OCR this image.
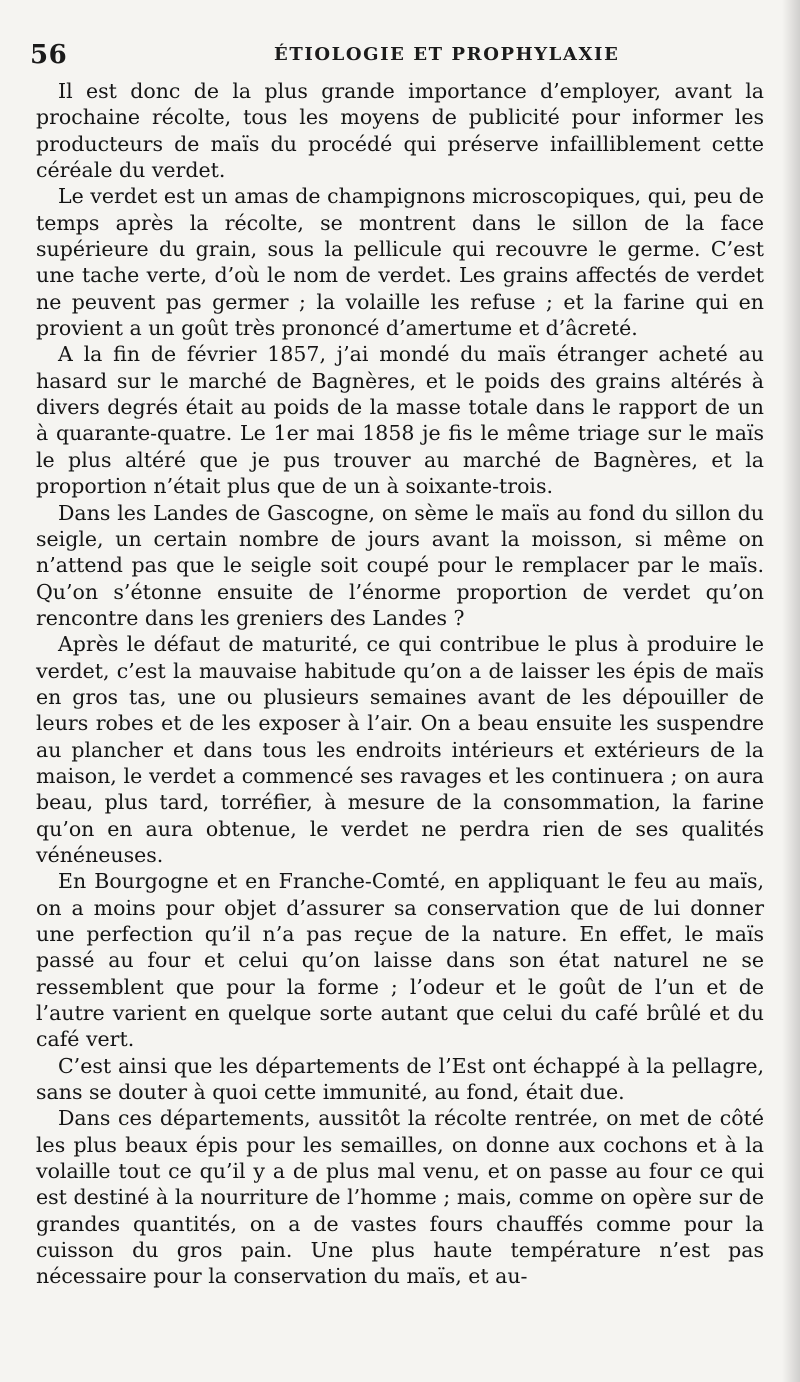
56	ÉTIOLOGIE ET PROPHYLAXIE

Il est donc de la plus grande importance d’employer, avant la prochaine récolte, tous les moyens de publicité pour informer les producteurs de maïs du procédé qui préserve infailliblement cette céréale du verdet.

Le verdet est un amas de champignons microscopiques, qui, peu de temps après la récolte, se montrent dans le sillon de la face supérieure du grain, sous la pellicule qui recouvre le germe. C’est une tache verte, d’où le nom de verdet. Les grains affectés de verdet ne peuvent pas germer ; la volaille les refuse ; et la farine qui en provient a un goût très prononcé d’amertume et d’âcreté.

A la fin de février 1857, j’ai mondé du maïs étranger acheté au hasard sur le marché de Bagnères, et le poids des grains altérés à divers degrés était au poids de la masse totale dans le rapport de un à quarante-quatre. Le 1er mai 1858 je fis le même triage sur le maïs le plus altéré que je pus trouver au marché de Bagnères, et la proportion n’était plus que de un à soixante-trois.

Dans les Landes de Gascogne, on sème le maïs au fond du sillon du seigle, un certain nombre de jours avant la moisson, si même on n’attend pas que le seigle soit coupé pour le remplacer par le maïs. Qu’on s’étonne ensuite de l’énorme proportion de verdet qu’on rencontre dans les greniers des Landes ?

Après le défaut de maturité, ce qui contribue le plus à produire le verdet, c’est la mauvaise habitude qu’on a de laisser les épis de maïs en gros tas, une ou plusieurs semaines avant de les dépouiller de leurs robes et de les exposer à l’air. On a beau ensuite les suspendre au plancher et dans tous les endroits intérieurs et extérieurs de la maison, le verdet a commencé ses ravages et les continuera ; on aura beau, plus tard, torréfier, à mesure de la consommation, la farine qu’on en aura obtenue, le verdet ne perdra rien de ses qualités vénéneuses.

En Bourgogne et en Franche-Comté, en appliquant le feu au maïs, on a moins pour objet d’assurer sa conservation que de lui donner une perfection qu’il n’a pas reçue de la nature. En effet, le maïs passé au four et celui qu’on laisse dans son état naturel ne se ressemblent que pour la forme ; l’odeur et le goût de l’un et de l’autre varient en quelque sorte autant que celui du café brûlé et du café vert.

C’est ainsi que les départements de l’Est ont échappé à la pellagre, sans se douter à quoi cette immunité, au fond, était due.

Dans ces départements, aussitôt la récolte rentrée, on met de côté les plus beaux épis pour les semailles, on donne aux cochons et à la volaille tout ce qu’il y a de plus mal venu, et on passe au four ce qui est destiné à la nourriture de l’homme ; mais, comme on opère sur de grandes quantités, on a de vastes fours chauffés comme pour la cuisson du gros pain. Une plus haute température n’est pas nécessaire pour la conservation du maïs, et au-
